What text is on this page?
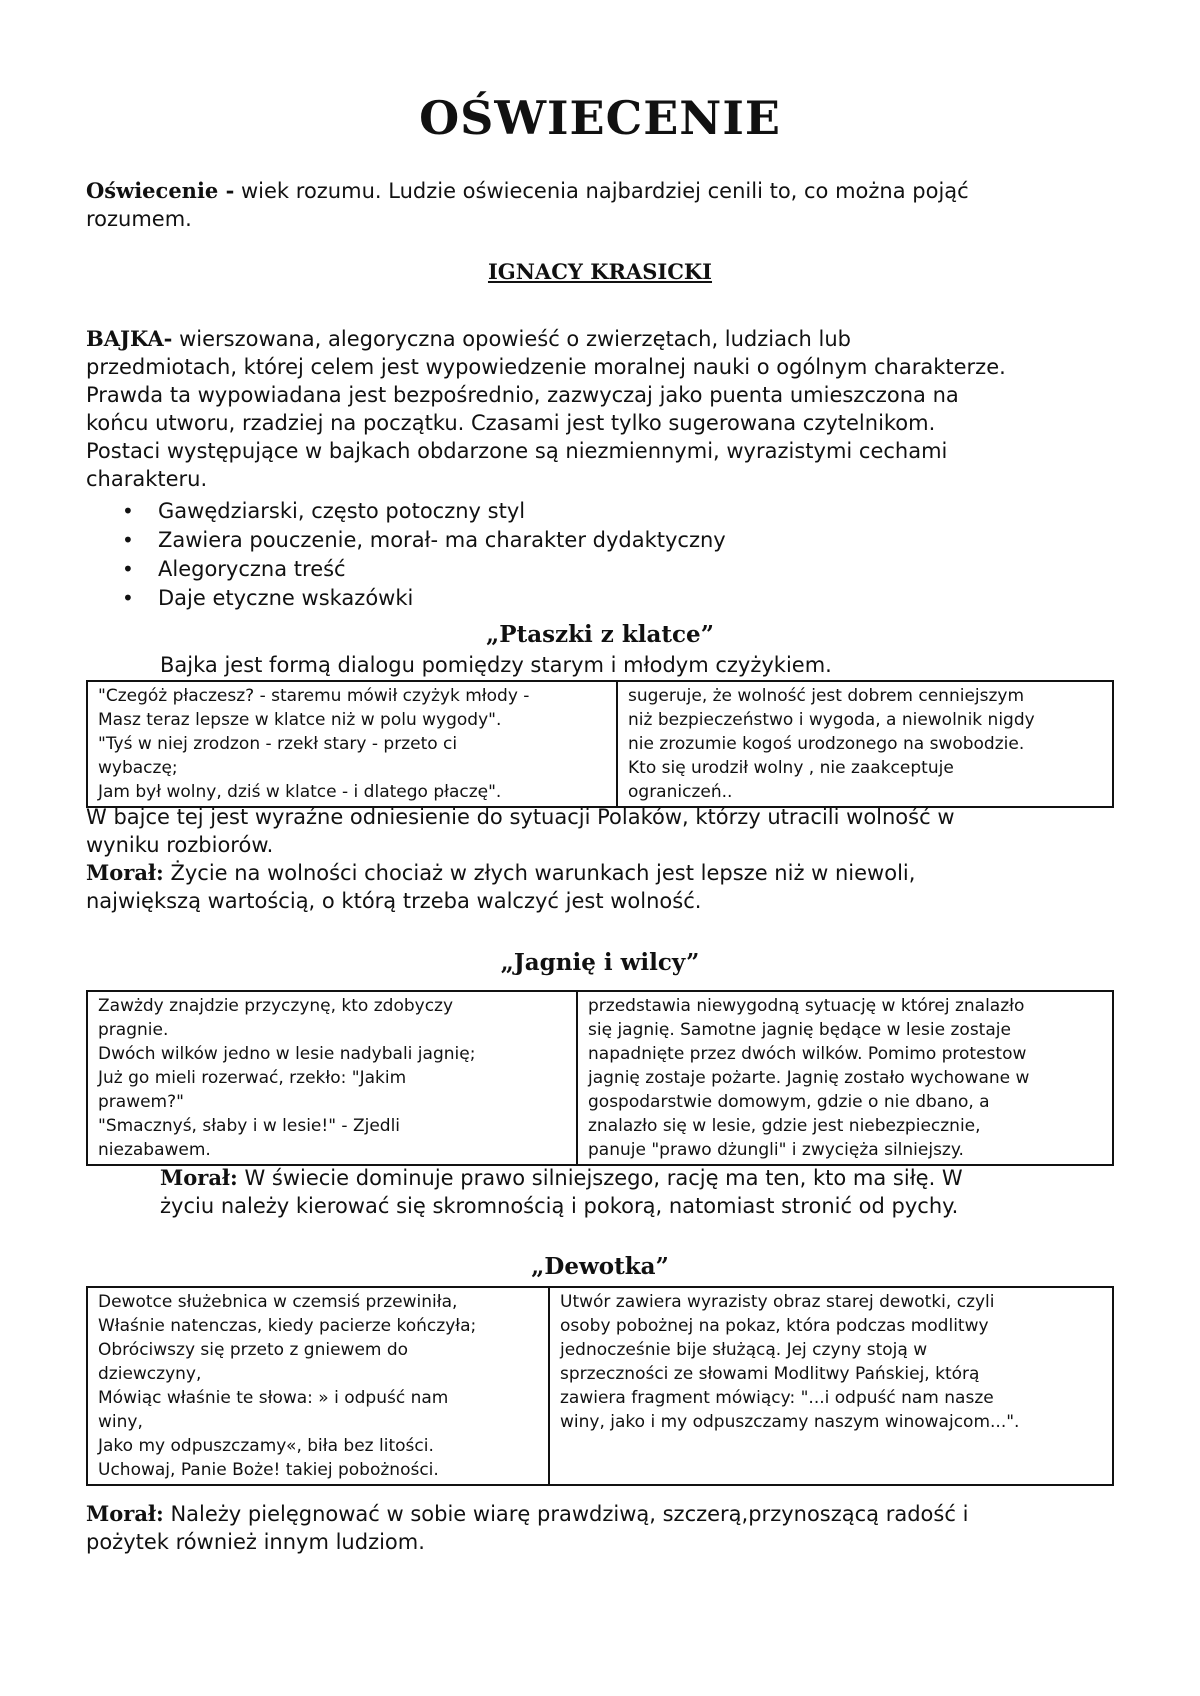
OŚWIECENIE
Oświecenie - wiek rozumu. Ludzie oświecenia najbardziej cenili to, co można pojąć
rozumem.
IGNACY KRASICKI
BAJKA- wierszowana, alegoryczna opowieść o zwierzętach, ludziach lub
przedmiotach, której celem jest wypowiedzenie moralnej nauki o ogólnym charakterze.
Prawda ta wypowiadana jest bezpośrednio, zazwyczaj jako puenta umieszczona na
końcu utworu, rzadziej na początku. Czasami jest tylko sugerowana czytelnikom.
Postaci występujące w bajkach obdarzone są niezmiennymi, wyrazistymi cechami
charakteru.
• Gawędziarski, często potoczny styl
• Zawiera pouczenie, morał- ma charakter dydaktyczny
• Alegoryczna treść
• Daje etyczne wskazówki
„Ptaszki z klatce”
Bajka jest formą dialogu pomiędzy starym i młodym czyżykiem.
"Czegóż płaczesz? - staremu mówił czyżyk młody -
Masz teraz lepsze w klatce niż w polu wygody".
"Tyś w niej zrodzon - rzekł stary - przeto ci
wybaczę;
Jam był wolny, dziś w klatce - i dlatego płaczę".

sugeruje, że wolność jest dobrem cenniejszym
niż bezpieczeństwo i wygoda, a niewolnik nigdy
nie zrozumie kogoś urodzonego na swobodzie.
Kto się urodził wolny , nie zaakceptuje
ograniczeń..
W bajce tej jest wyraźne odniesienie do sytuacji Polaków, którzy utracili wolność w
wyniku rozbiorów.
Morał: Życie na wolności chociaż w złych warunkach jest lepsze niż w niewoli,
największą wartością, o którą trzeba walczyć jest wolność.
„Jagnię i wilcy”
Zawżdy znajdzie przyczynę, kto zdobyczy
pragnie.
Dwóch wilków jedno w lesie nadybali jagnię;
Już go mieli rozerwać, rzekło: "Jakim
prawem?"
"Smacznyś, słaby i w lesie!" - Zjedli
niezabawem.

przedstawia niewygodną sytuację w której znalazło
się jagnię. Samotne jagnię będące w lesie zostaje
napadnięte przez dwóch wilków. Pomimo protestow
jagnię zostaje pożarte. Jagnię zostało wychowane w
gospodarstwie domowym, gdzie o nie dbano, a
znalazło się w lesie, gdzie jest niebezpiecznie,
panuje "prawo dżungli" i zwycięża silniejszy.
Morał: W świecie dominuje prawo silniejszego, rację ma ten, kto ma siłę. W
życiu należy kierować się skromnością i pokorą, natomiast stronić od pychy.
„Dewotka”
Dewotce służebnica w czemsiś przewiniła,
Właśnie natenczas, kiedy pacierze kończyła;
Obróciwszy się przeto z gniewem do
dziewczyny,
Mówiąc właśnie te słowa: » i odpuść nam
winy,
Jako my odpuszczamy«, biła bez litości.
Uchowaj, Panie Boże! takiej pobożności.

Utwór zawiera wyrazisty obraz starej dewotki, czyli
osoby pobożnej na pokaz, która podczas modlitwy
jednocześnie bije służącą. Jej czyny stoją w
sprzeczności ze słowami Modlitwy Pańskiej, którą
zawiera fragment mówiący: "...i odpuść nam nasze
winy, jako i my odpuszczamy naszym winowajcom...".
Morał: Należy pielęgnować w sobie wiarę prawdziwą, szczerą,przynoszącą radość i
pożytek również innym ludziom.
